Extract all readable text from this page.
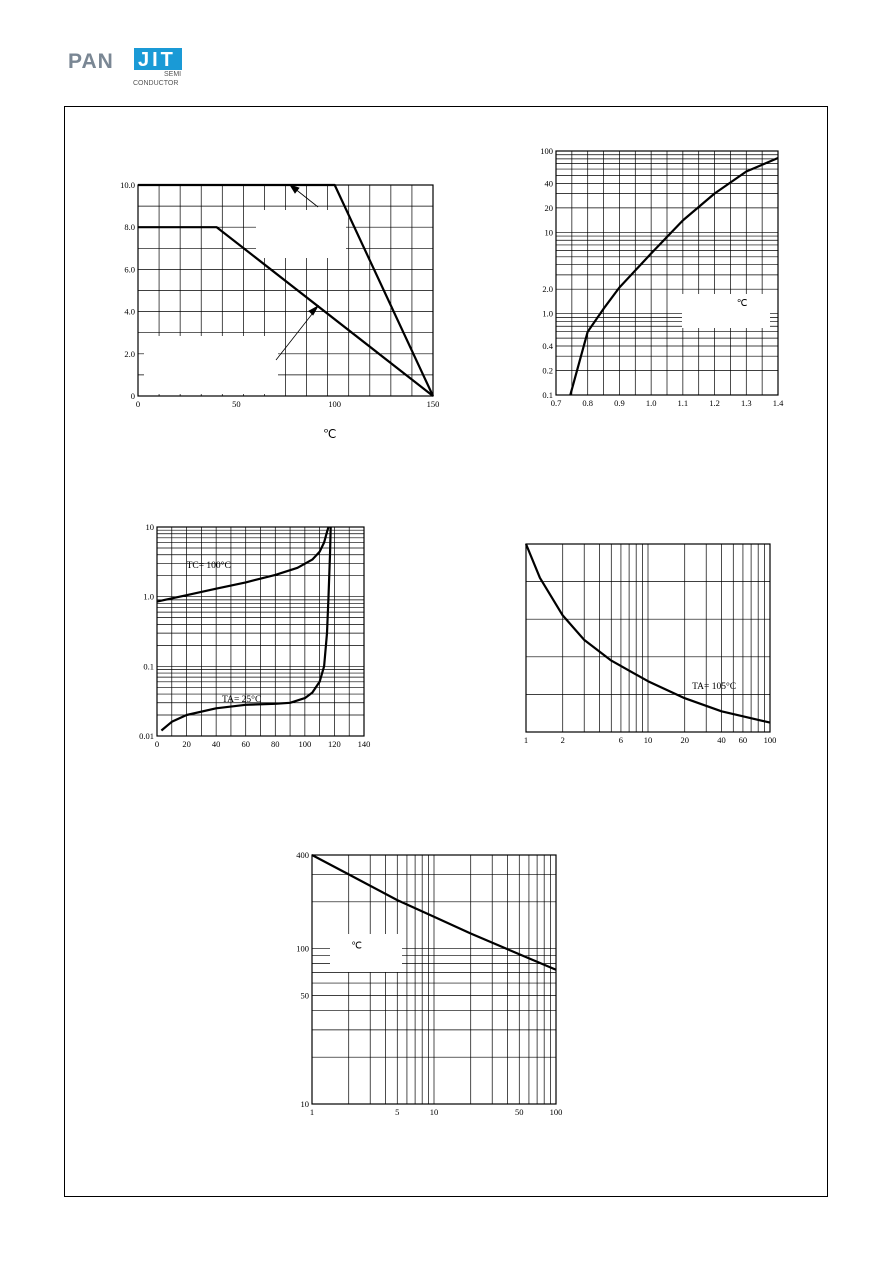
PAN JIT
SEMI
CONDUCTOR
0	50	100	150
0
2.0
4.0
6.0
8.0
10.0
℃
0.7 0.8 0.9 1.0 1.1 1.2 1.3 1.4
0.1
0.2
0.4
1.0
2.0
10
20
40
100
℃
0	20 40 60 80 100 120 140
0.01
0.1
1.0
10
TC= 100°C
TA= 25°C
1	2	6 10	20	40 60 100
TA= 105°C
1	5	10	50	100
10
50
100
400
℃
